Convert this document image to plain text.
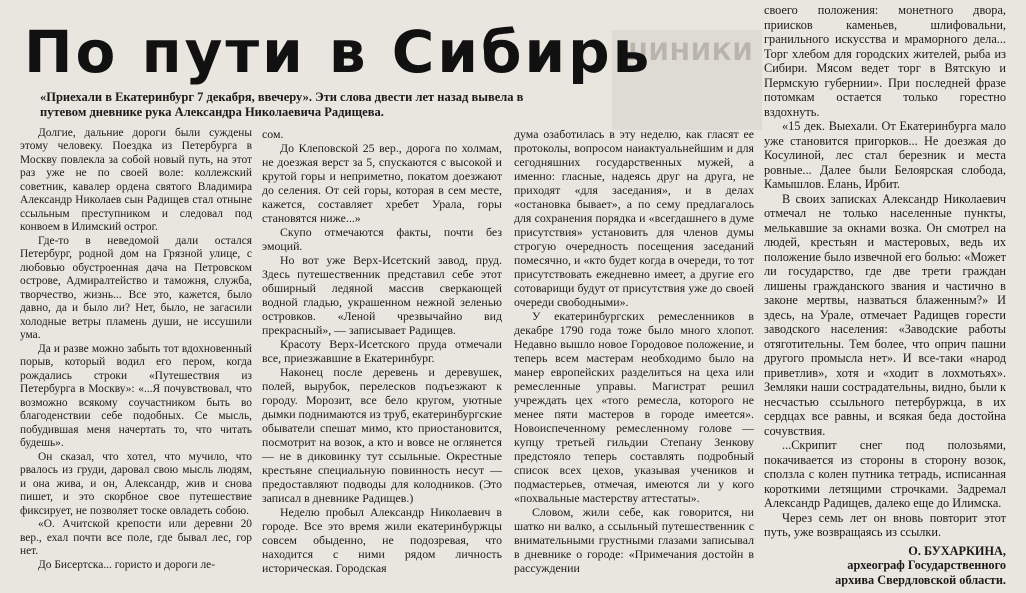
ШИНИКИ
По пути в Сибирь
«Приехали в Екатеринбург 7 декабря, ввечеру». Эти слова двести лет назад вывела в путевом дневнике рука Александра Николаевича Радищева.

Долгие, дальние дороги были суждены этому человеку. Поездка из Петербурга в Москву повлекла за собой новый путь, на этот раз уже не по своей воле: коллежский советник, кавалер ордена святого Владимира Александр Николаев сын Радищев стал отныне ссыльным преступником и следовал под конвоем в Илимский острог.

Где-то в неведомой дали остался Петербург, родной дом на Грязной улице, с любовью обустроенная дача на Петровском острове, Адмиралтейство и таможня, служба, творчество, жизнь... Все это, кажется, было давно, да и было ли? Нет, было, не загасили холодные ветры пламень души, не иссушили ума.

Да и разве можно забыть тот вдохновенный порыв, который водил его пером, когда рождались строки «Путешествия из Петербурга в Москву»: «...Я почувствовал, что возможно всякому соучастником быть во благоденствии себе подобных. Се мысль, побудившая меня начертать то, что читать будешь».

Он сказал, что хотел, что мучило, что рвалось из груди, даровал свою мысль людям, и она жива, и он, Александр, жив и снова пишет, и это скорбное свое путешествие фиксирует, не позволяет тоске овладеть собою.

«О. Ачитской крепости или деревни 20 вер., ехал почти все поле, где бывал лес, гор нет.

До Бисертска... гористо и дороги ле-

сом.

До Клеповской 25 вер., дорога по холмам, не доезжая верст за 5, спускаются с высокой и крутой горы и неприметно, покатом доезжают до селения. От сей горы, которая в сем месте, кажется, составляет хребет Урала, горы становятся ниже...»

Скупо отмечаются факты, почти без эмоций.

Но вот уже Верх-Исетский завод, пруд. Здесь путешественник представил себе этот обширный ледяной массив сверкающей водной гладью, украшенном нежной зеленью островков. «Леной чрезвычайно вид прекрасный», — записывает Радищев.

Красоту Верх-Исетского пруда отмечали все, приезжавшие в Екатеринбург.

Наконец после деревень и деревушек, полей, вырубок, перелесков подъезжают к городу. Морозит, все бело кругом, уютные дымки поднимаются из труб, екатеринбургские обыватели спешат мимо, кто приостановится, посмотрит на возок, а кто и вовсе не оглянется — не в диковинку тут ссыльные. Окрестные крестьяне специальную повинность несут — предоставляют подводы для колодников. (Это записал в дневнике Радищев.)

Неделю пробыл Александр Николаевич в городе. Все это время жили екатеринбуржцы совсем обыденно, не подозревая, что находится с ними рядом личность историческая. Городская

дума озаботилась в эту неделю, как гласят ее протоколы, вопросом наиактуальнейшим и для сегодняшних государственных мужей, а именно: гласные, надеясь друг на друга, не приходят «для заседания», и в делах «остановка бывает», а по сему предлагалось для сохранения порядка и «всегдашнего в думе присутствия» установить для членов думы строгую очередность посещения заседаний помесячно, и «кто будет когда в очереди, то тот присутствовать ежедневно имеет, а другие его сотоварищи будут от присутствия уже до своей очереди свободными».

У екатеринбургских ремесленников в декабре 1790 года тоже было много хлопот. Недавно вышло новое Городовое положение, и теперь всем мастерам необходимо было на манер европейских разделиться на цеха или ремесленные управы. Магистрат решил учреждать цех «того ремесла, которого не менее пяти мастеров в городе имеется». Новоиспеченному ремесленному голове — купцу третьей гильдии Степану Зенкову предстояло теперь составлять подробный список всех цехов, указывая учеников и подмастерьев, отмечая, имеются ли у кого «похвальные мастерству аттестаты».

Словом, жили себе, как говорится, ни шатко ни валко, а ссыльный путешественник с внимательными грустными глазами записывал в дневнике о городе: «Примечания достойн в рассуждении

своего положения: монетного двора, приисков каменьев, шлифовальни, гранильного искусства и мраморного дела... Торг хлебом для городских жителей, рыба из Сибири. Мясом ведет торг в Вятскую и Пермскую губернии». При последней фразе потомкам остается только горестно вздохнуть.

«15 дек. Выехали. От Екатеринбурга мало уже становится пригорков... Не доезжая до Косулиной, лес стал березник и места ровные... Далее были Белоярская слобода, Камышлов. Елань, Ирбит.

В своих записках Александр Николаевич отмечал не только населенные пункты, мелькавшие за окнами возка. Он смотрел на людей, крестьян и мастеровых, ведь их положение было извечной его болью: «Может ли государство, где две трети граждан лишены гражданского звания и частично в законе мертвы, назваться блаженным?» И здесь, на Урале, отмечает Радищев горести заводского населения: «Заводские работы отяготительны. Тем более, что оприч пашни другого промысла нет». И все-таки «народ приветлив», хотя и «ходит в лохмотьях». Земляки наши сострадательны, видно, были к несчастью ссыльного петербуржца, в их сердцах все равны, и всякая беда достойна сочувствия.

...Скрипит снег под полозьями, покачивается из стороны в сторону возок, сползла с колен путника тетрадь, исписанная короткими летящими строчками. Задремал Александр Радищев, далеко еще до Илимска.

Через семь лет он вновь повторит этот путь, уже возвращаясь из ссылки.

О. БУХАРКИНА,
археограф Государственного
архива Свердловской области.
